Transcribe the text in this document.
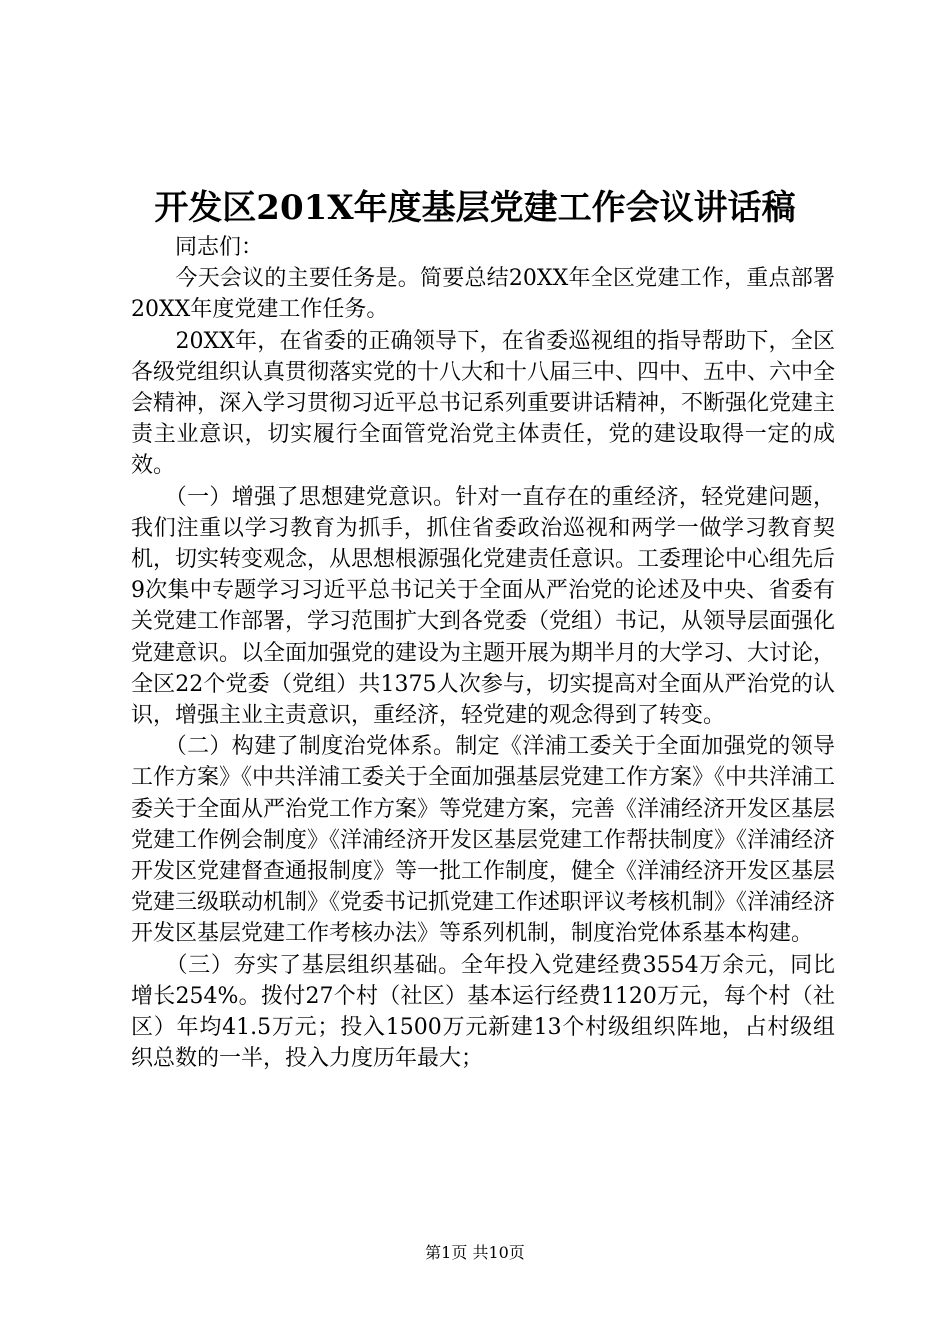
开发区201X年度基层党建工作会议讲话稿

　　同志们：

　　今天会议的主要任务是。简要总结20XX年全区党建工作，重点部署20XX年度党建工作任务。

　　20XX年，在省委的正确领导下，在省委巡视组的指导帮助下，全区各级党组织认真贯彻落实党的十八大和十八届三中、四中、五中、六中全会精神，深入学习贯彻习近平总书记系列重要讲话精神，不断强化党建主责主业意识，切实履行全面管党治党主体责任，党的建设取得一定的成效。

　　（一）增强了思想建党意识。针对一直存在的重经济，轻党建问题，我们注重以学习教育为抓手，抓住省委政治巡视和两学一做学习教育契机，切实转变观念，从思想根源强化党建责任意识。工委理论中心组先后9次集中专题学习习近平总书记关于全面从严治党的论述及中央、省委有关党建工作部署，学习范围扩大到各党委（党组）书记，从领导层面强化党建意识。以全面加强党的建设为主题开展为期半月的大学习、大讨论，全区22个党委（党组）共1375人次参与，切实提高对全面从严治党的认识，增强主业主责意识，重经济，轻党建的观念得到了转变。

　　（二）构建了制度治党体系。制定《洋浦工委关于全面加强党的领导工作方案》《中共洋浦工委关于全面加强基层党建工作方案》《中共洋浦工委关于全面从严治党工作方案》等党建方案，完善《洋浦经济开发区基层党建工作例会制度》《洋浦经济开发区基层党建工作帮扶制度》《洋浦经济开发区党建督查通报制度》等一批工作制度，健全《洋浦经济开发区基层党建三级联动机制》《党委书记抓党建工作述职评议考核机制》《洋浦经济开发区基层党建工作考核办法》等系列机制，制度治党体系基本构建。

　　（三）夯实了基层组织基础。全年投入党建经费3554万余元，同比增长254%。拨付27个村（社区）基本运行经费1120万元，每个村（社区）年均41.5万元；投入1500万元新建13个村级组织阵地，占村级组织总数的一半，投入力度历年最大；

第1页 共10页
